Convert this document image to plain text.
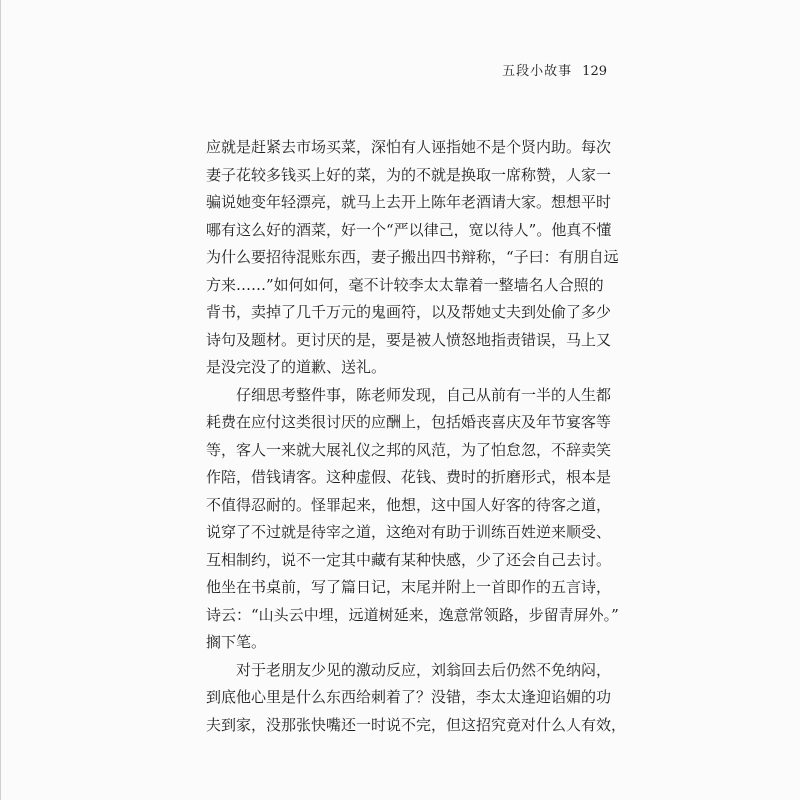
五段小故事 129
应就是赶紧去市场买菜，深怕有人诬指她不是个贤内助。每次
妻子花较多钱买上好的菜，为的不就是换取一席称赞，人家一
骗说她变年轻漂亮，就马上去开上陈年老酒请大家。想想平时
哪有这么好的酒菜，好一个“严以律己，宽以待人”。他真不懂
为什么要招待混账东西，妻子搬出四书辩称，“子曰：有朋自远
方来……”如何如何，毫不计较李太太靠着一整墙名人合照的
背书，卖掉了几千万元的鬼画符，以及帮她丈夫到处偷了多少
诗句及题材。更讨厌的是，要是被人愤怒地指责错误，马上又
是没完没了的道歉、送礼。
仔细思考整件事，陈老师发现，自己从前有一半的人生都
耗费在应付这类很讨厌的应酬上，包括婚丧喜庆及年节宴客等
等，客人一来就大展礼仪之邦的风范，为了怕怠忽，不辞卖笑
作陪，借钱请客。这种虚假、花钱、费时的折磨形式，根本是
不值得忍耐的。怪罪起来，他想，这中国人好客的待客之道，
说穿了不过就是待宰之道，这绝对有助于训练百姓逆来顺受、
互相制约，说不一定其中藏有某种快感，少了还会自己去讨。
他坐在书桌前，写了篇日记，末尾并附上一首即作的五言诗，
诗云：“山头云中埋，远道树延来，逸意常领路，步留青屏外。”
搁下笔。
对于老朋友少见的激动反应，刘翁回去后仍然不免纳闷，
到底他心里是什么东西给刺着了？没错，李太太逢迎谄媚的功
夫到家，没那张快嘴还一时说不完，但这招究竟对什么人有效，
